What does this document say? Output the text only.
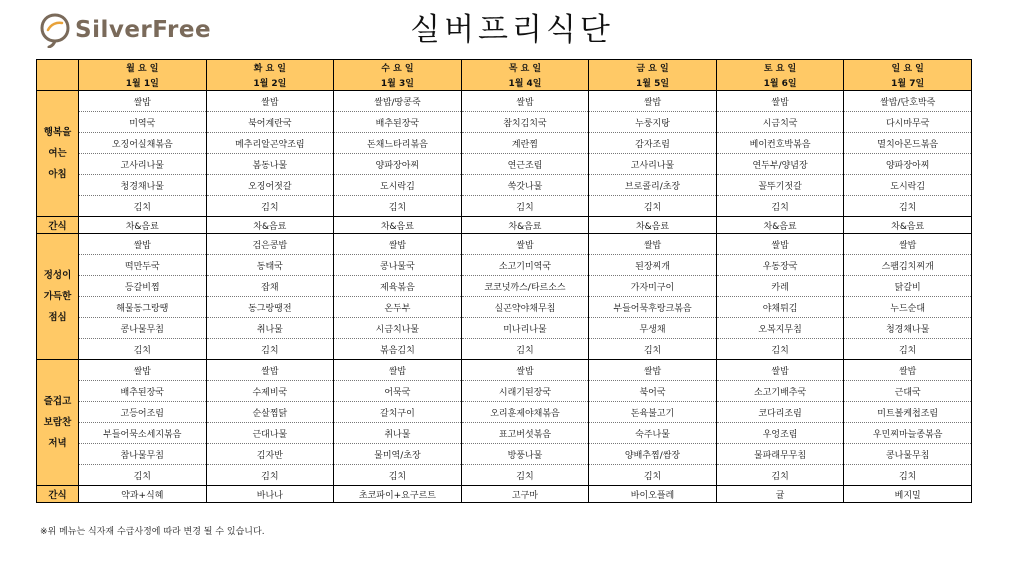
SilverFree	실버프리식단
	월 요 일	화 요 일	수 요 일	목 요 일	금 요 일	토 요 일	일 요 일
	1월 1일	1월 2일	1월 3일	1월 4일	1월 5일	1월 6일	1월 7일

행복을
여는
아침	쌀밥	쌀밥	쌀밥/땅콩죽	쌀밥	쌀밥	쌀밥	쌀밥/단호박죽
	미역국	북어계란국	배추된장국	참치김치국	누룽지탕	시금치국	다시마무국
	오징어실채볶음	메추리알곤약조림	돈채느타리볶음	계란찜	감자조림	베이컨호박볶음	멸치아몬드볶음
	고사리나물	봄동나물	양파장아찌	연근조림	고사리나물	연두부/양념장	양파장아찌
	청경채나물	오징어젓갈	도시락김	쑥갓나물	브로콜리/초장	꼴뚜기젓갈	도시락김
	김치	김치	김치	김치	김치	김치	김치
간식	차&음료	차&음료	차&음료	차&음료	차&음료	차&음료	차&음료

정성이
가득한
점심	쌀밥	검은콩밥	쌀밥	쌀밥	쌀밥	쌀밥	쌀밥
	떡만두국	동태국	콩나물국	소고기미역국	된장찌개	우동장국	스팸김치찌개
	등갈비찜	잡채	제육볶음	코코넛까스/타르소스	가자미구이	카레	닭갈비
	해물동그랑땡	동그랑땡전	온두부	실곤약야채무침	부들어묵후랑크볶음	야채튀김	누드순대
	콩나물무침	취나물	시금치나물	미나리나물	무생채	오복지무침	청경채나물
	김치	김치	볶음김치	김치	김치	김치	김치

즐겁고
보람찬
저녁	쌀밥	쌀밥	쌀밥	쌀밥	쌀밥	쌀밥	쌀밥
	배추된장국	수제비국	어묵국	시래기된장국	북어국	소고기배추국	근대국
	고등어조림	순살찜닭	갈치구이	오리훈제야채볶음	돈육불고기	코다리조림	미트볼케첩조림
	부들어묵소세지볶음	근대나물	취나물	표고버섯볶음	숙주나물	우엉조림	우민찌마늘종볶음
	참나물무침	김자반	물미역/초장	방풍나물	양배추찜/쌈장	물파래무무침	콩나물무침
	김치	김치	김치	김치	김치	김치	김치
간식	약과+식혜	바나나	초코파이+요구르트	고구마	바이오플레	귤	베지밀
※위 메뉴는 식자재 수급사정에 따라 변경 될 수 있습니다.
